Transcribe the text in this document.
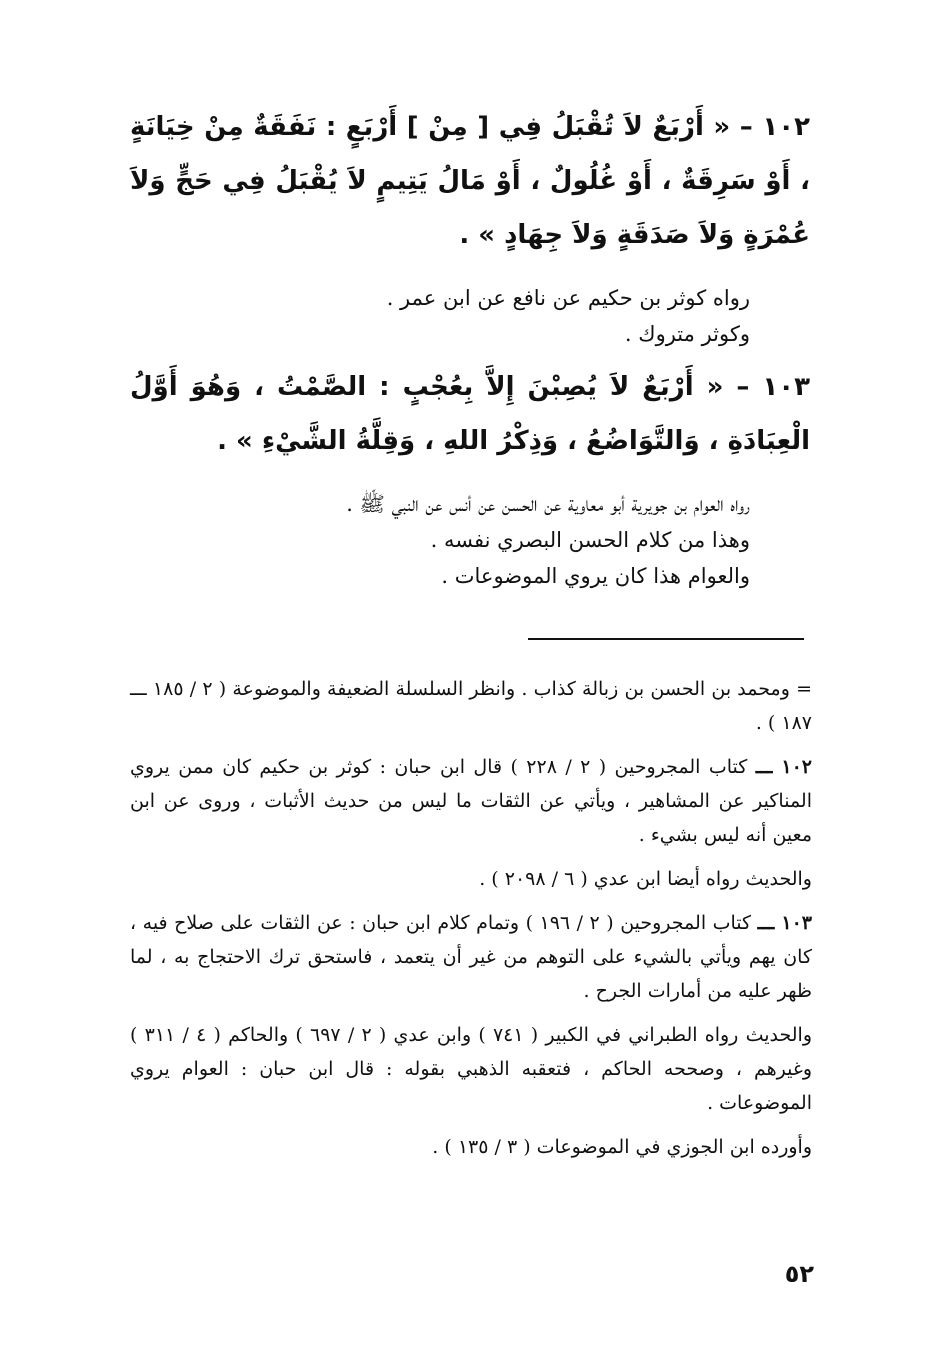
١٠٢ – « أَرْبَعٌ لاَ تُقْبَلُ فِي [ مِنْ ] أَرْبَعٍ : نَفَقَةٌ مِنْ خِيَانَةٍ ، أَوْ سَرِقَةٌ ، أَوْ غُلُولٌ ، أَوْ مَالُ يَتِيمٍ لاَ يُقْبَلُ فِي حَجٍّ وَلاَ عُمْرَةٍ وَلاَ صَدَقَةٍ وَلاَ جِهَادٍ » .

رواه كوثر بن حكيم عن نافع عن ابن عمر .

وكوثر متروك .

١٠٣ – « أَرْبَعٌ لاَ يُصِبْنَ إِلاَّ بِعُجْبٍ : الصَّمْتُ ، وَهُوَ أَوَّلُ الْعِبَادَةِ ، وَالتَّوَاضُعُ ، وَذِكْرُ اللهِ ، وَقِلَّةُ الشَّيْءِ » .

رواه العوام بن جويرية أبو معاوية عن الحسن عن أنس عن النبي ﷺ .

وهذا من كلام الحسن البصري نفسه .

والعوام هذا كان يروي الموضوعات .

= ومحمد بن الحسن بن زبالة كذاب . وانظر السلسلة الضعيفة والموضوعة ( ٢ / ١٨٥ ـــ ١٨٧ ) .

١٠٢ ـــ كتاب المجروحين ( ٢ / ٢٢٨ ) قال ابن حبان : كوثر بن حكيم كان ممن يروي المناكير عن المشاهير ، ويأتي عن الثقات ما ليس من حديث الأثبات ، وروى عن ابن معين أنه ليس بشيء .

والحديث رواه أيضا ابن عدي ( ٦ / ٢٠٩٨ ) .

١٠٣ ـــ كتاب المجروحين ( ٢ / ١٩٦ ) وتمام كلام ابن حبان : عن الثقات على صلاح فيه ، كان يهم ويأتي بالشيء على التوهم من غير أن يتعمد ، فاستحق ترك الاحتجاج به ، لما ظهر عليه من أمارات الجرح .

والحديث رواه الطبراني في الكبير ( ٧٤١ ) وابن عدي ( ٢ / ٦٩٧ ) والحاكم ( ٤ / ٣١١ ) وغيرهم ، وصححه الحاكم ، فتعقبه الذهبي بقوله : قال ابن حبان : العوام يروي الموضوعات .

وأورده ابن الجوزي في الموضوعات ( ٣ / ١٣٥ ) .

٥٢
